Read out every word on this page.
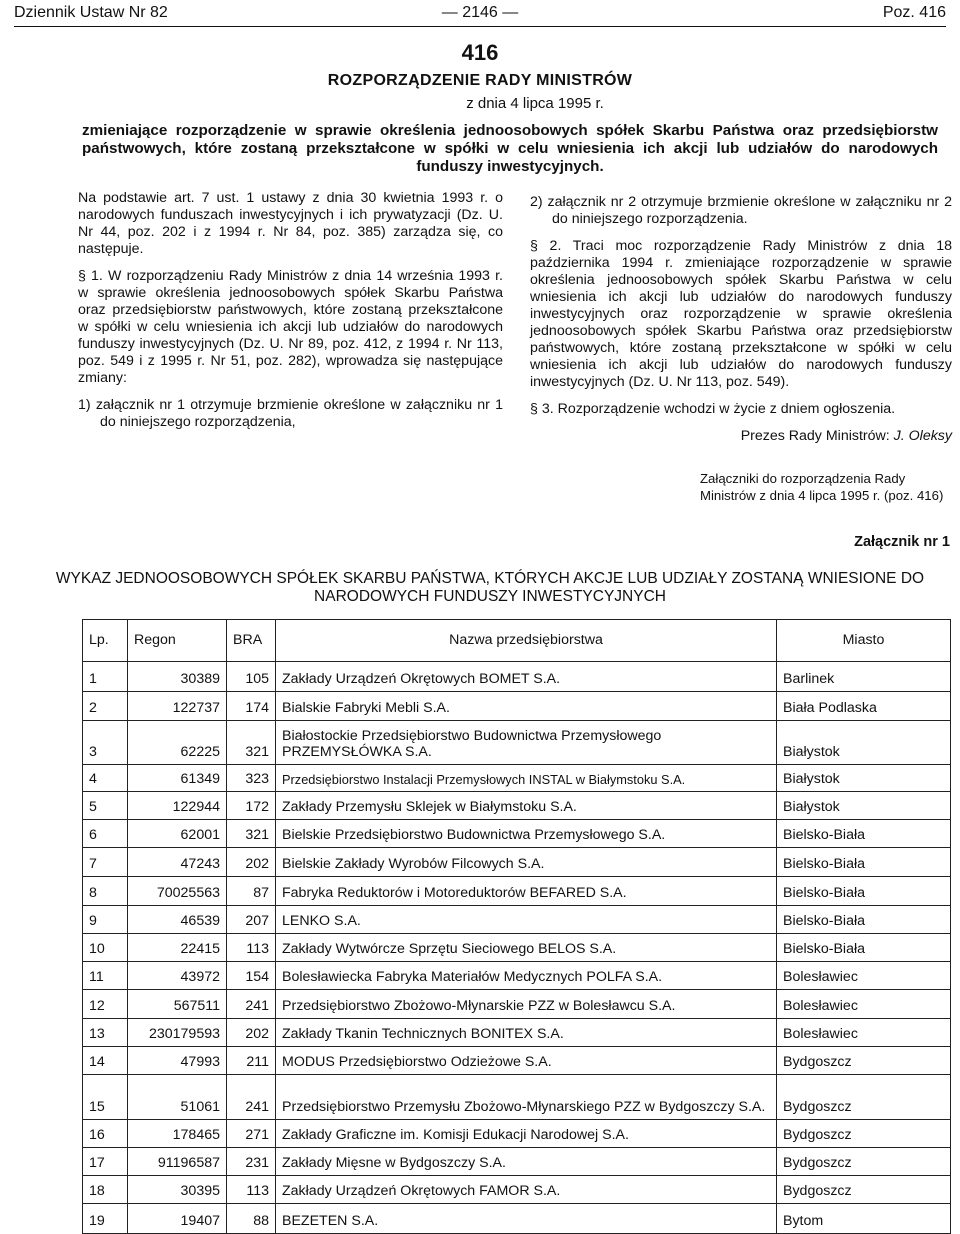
Dziennik Ustaw Nr 82	— 2146 —	Poz. 416
416
ROZPORZĄDZENIE RADY MINISTRÓW
z dnia 4 lipca 1995 r.
zmieniające rozporządzenie w sprawie określenia jednoosobowych spółek Skarbu Państwa oraz przedsiębiorstw państwowych, które zostaną przekształcone w spółki w celu wniesienia ich akcji lub udziałów do narodowych funduszy inwestycyjnych.

Na podstawie art. 7 ust. 1 ustawy z dnia 30 kwietnia 1993 r. o narodowych funduszach inwestycyjnych i ich prywatyzacji (Dz. U. Nr 44, poz. 202 i z 1994 r. Nr 84, poz. 385) zarządza się, co następuje.

§ 1. W rozporządzeniu Rady Ministrów z dnia 14 września 1993 r. w sprawie określenia jednoosobowych spółek Skarbu Państwa oraz przedsiębiorstw państwowych, które zostaną przekształcone w spółki w celu wniesienia ich akcji lub udziałów do narodowych funduszy inwestycyjnych (Dz. U. Nr 89, poz. 412, z 1994 r. Nr 113, poz. 549 i z 1995 r. Nr 51, poz. 282), wprowadza się następujące zmiany:

1) załącznik nr 1 otrzymuje brzmienie określone w załączniku nr 1 do niniejszego rozporządzenia,

2) załącznik nr 2 otrzymuje brzmienie określone w załączniku nr 2 do niniejszego rozporządzenia.

§ 2. Traci moc rozporządzenie Rady Ministrów z dnia 18 października 1994 r. zmieniające rozporządzenie w sprawie określenia jednoosobowych spółek Skarbu Państwa w celu wniesienia ich akcji lub udziałów do narodowych funduszy inwestycyjnych oraz rozporządzenie w sprawie określenia jednoosobowych spółek Skarbu Państwa oraz przedsiębiorstw państwowych, które zostaną przekształcone w spółki w celu wniesienia ich akcji lub udziałów do narodowych funduszy inwestycyjnych (Dz. U. Nr 113, poz. 549).

§ 3. Rozporządzenie wchodzi w życie z dniem ogłoszenia.

Prezes Rady Ministrów: J. Oleksy
Załączniki do rozporządzenia Rady Ministrów z dnia 4 lipca 1995 r. (poz. 416)
Załącznik nr 1
WYKAZ JEDNOOSOBOWYCH SPÓŁEK SKARBU PAŃSTWA, KTÓRYCH AKCJE LUB UDZIAŁY ZOSTANĄ WNIESIONE DO NARODOWYCH FUNDUSZY INWESTYCYJNYCH
Lp.	Regon	BRA	Nazwa przedsiębiorstwa	Miasto
1	30389	105	Zakłady Urządzeń Okrętowych BOMET S.A.	Barlinek
2	122737	174	Bialskie Fabryki Mebli S.A.	Biała Podlaska
3	62225	321	Białostockie Przedsiębiorstwo Budownictwa Przemysłowego PRZEMYSŁÓWKA S.A.	Białystok
4	61349	323	Przedsiębiorstwo Instalacji Przemysłowych INSTAL w Białymstoku S.A.	Białystok
5	122944	172	Zakłady Przemysłu Sklejek w Białymstoku S.A.	Białystok
6	62001	321	Bielskie Przedsiębiorstwo Budownictwa Przemysłowego S.A.	Bielsko-Biała
7	47243	202	Bielskie Zakłady Wyrobów Filcowych S.A.	Bielsko-Biała
8	70025563	87	Fabryka Reduktorów i Motoreduktorów BEFARED S.A.	Bielsko-Biała
9	46539	207	LENKO S.A.	Bielsko-Biała
10	22415	113	Zakłady Wytwórcze Sprzętu Sieciowego BELOS S.A.	Bielsko-Biała
11	43972	154	Bolesławiecka Fabryka Materiałów Medycznych POLFA S.A.	Bolesławiec
12	567511	241	Przedsiębiorstwo Zbożowo-Młynarskie PZZ w Bolesławcu S.A.	Bolesławiec
13	230179593	202	Zakłady Tkanin Technicznych BONITEX S.A.	Bolesławiec
14	47993	211	MODUS Przedsiębiorstwo Odzieżowe S.A.	Bydgoszcz
15	51061	241	Przedsiębiorstwo Przemysłu Zbożowo-Młynarskiego PZZ w Bydgoszczy S.A.	Bydgoszcz
16	178465	271	Zakłady Graficzne im. Komisji Edukacji Narodowej S.A.	Bydgoszcz
17	91196587	231	Zakłady Mięsne w Bydgoszczy S.A.	Bydgoszcz
18	30395	113	Zakłady Urządzeń Okrętowych FAMOR S.A.	Bydgoszcz
19	19407	88	BEZETEN S.A.	Bytom
